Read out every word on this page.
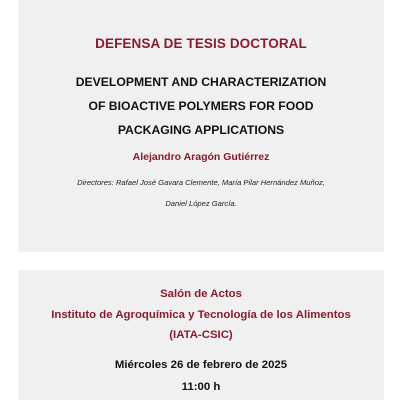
DEFENSA DE TESIS DOCTORAL
DEVELOPMENT AND CHARACTERIZATION
OF BIOACTIVE POLYMERS FOR FOOD
PACKAGING APPLICATIONS
Alejandro Aragón Gutiérrez
Directores: Rafael José Gavara Clemente, María Pilar Hernández Muñoz,
Daniel López García.
Salón de Actos
Instituto de Agroquímica y Tecnología de los Alimentos
(IATA-CSIC)
Miércoles 26 de febrero de 2025
11:00 h
